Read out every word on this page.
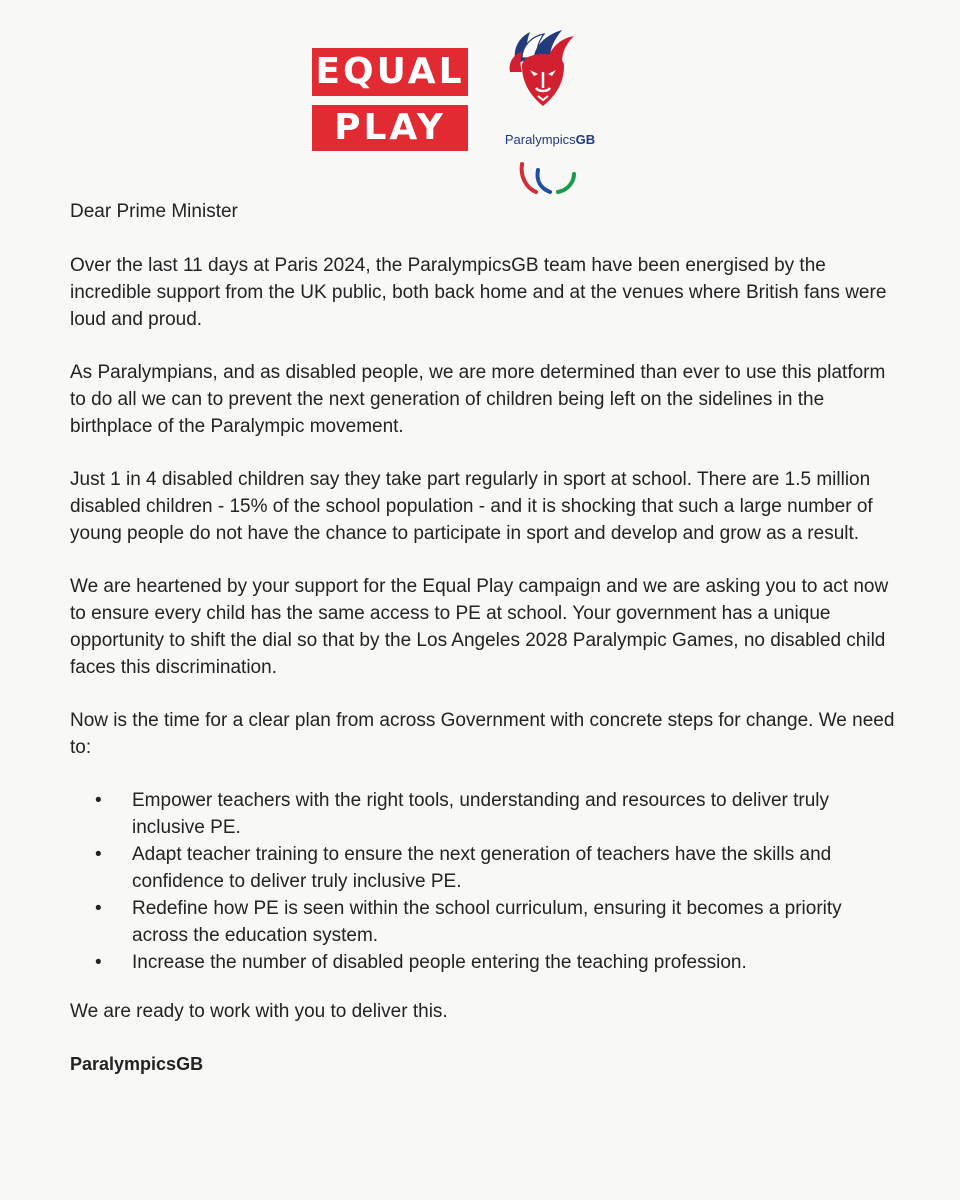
EQUAL
PLAY	ParalympicsGB

Dear Prime Minister

Over the last 11 days at Paris 2024, the ParalympicsGB team have been energised by the incredible support from the UK public, both back home and at the venues where British fans were loud and proud.

As Paralympians, and as disabled people, we are more determined than ever to use this platform to do all we can to prevent the next generation of children being left on the sidelines in the birthplace of the Paralympic movement.

Just 1 in 4 disabled children say they take part regularly in sport at school. There are 1.5 million disabled children - 15% of the school population - and it is shocking that such a large number of young people do not have the chance to participate in sport and develop and grow as a result.

We are heartened by your support for the Equal Play campaign and we are asking you to act now to ensure every child has the same access to PE at school. Your government has a unique opportunity to shift the dial so that by the Los Angeles 2028 Paralympic Games, no disabled child faces this discrimination.

Now is the time for a clear plan from across Government with concrete steps for change. We need to:

• Empower teachers with the right tools, understanding and resources to deliver truly inclusive PE.
• Adapt teacher training to ensure the next generation of teachers have the skills and confidence to deliver truly inclusive PE.
• Redefine how PE is seen within the school curriculum, ensuring it becomes a priority across the education system.
• Increase the number of disabled people entering the teaching profession.

We are ready to work with you to deliver this.

ParalympicsGB
